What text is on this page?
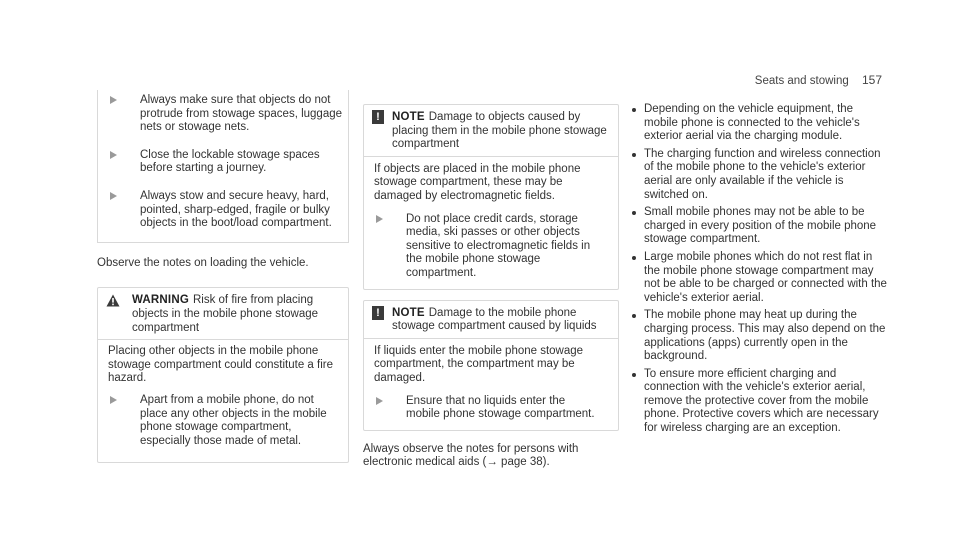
Seats and stowing 157

Always make sure that objects do not protrude from stowage spaces, luggage nets or stowage nets.

Close the lockable stowage spaces before starting a journey.

Always stow and secure heavy, hard, pointed, sharp-edged, fragile or bulky objects in the boot/load compartment.

Observe the notes on loading the vehicle.

WARNING Risk of fire from placing objects in the mobile phone stowage compartment

Placing other objects in the mobile phone stowage compartment could constitute a fire hazard.

Apart from a mobile phone, do not place any other objects in the mobile phone stowage compartment, especially those made of metal.

!	NOTE Damage to objects caused by placing them in the mobile phone stowage compartment

If objects are placed in the mobile phone stowage compartment, these may be damaged by electromagnetic fields.

Do not place credit cards, storage media, ski passes or other objects sensitive to electromagnetic fields in the mobile phone stowage compartment.

!	NOTE Damage to the mobile phone stowage compartment caused by liquids

If liquids enter the mobile phone stowage compartment, the compartment may be damaged.

Ensure that no liquids enter the mobile phone stowage compartment.

Always observe the notes for persons with electronic medical aids (→ page 38).

Depending on the vehicle equipment, the mobile phone is connected to the vehicle's exterior aerial via the charging module.

The charging function and wireless connection of the mobile phone to the vehicle's exterior aerial are only available if the vehicle is switched on.

Small mobile phones may not be able to be charged in every position of the mobile phone stowage compartment.

Large mobile phones which do not rest flat in the mobile phone stowage compartment may not be able to be charged or connected with the vehicle's exterior aerial.

The mobile phone may heat up during the charging process. This may also depend on the applications (apps) currently open in the background.

To ensure more efficient charging and connection with the vehicle's exterior aerial, remove the protective cover from the mobile phone. Protective covers which are necessary for wireless charging are an exception.
